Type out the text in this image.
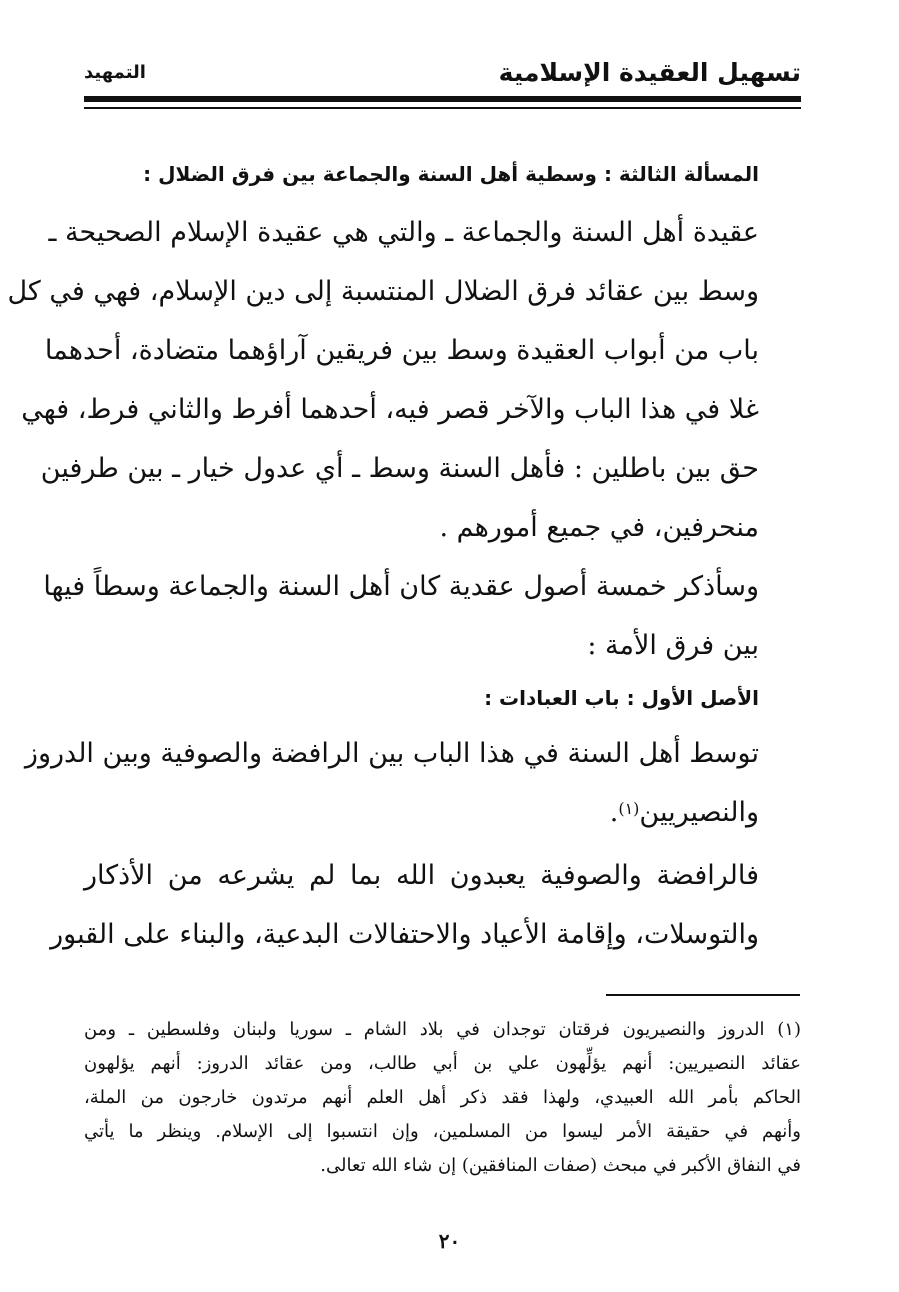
تسهيل العقيدة الإسلامية
التمهيد
المسألة الثالثة : وسطية أهل السنة والجماعة بين فرق الضلال :
عقيدة أهل السنة والجماعة ـ والتي هي عقيدة الإسلام الصحيحة ـ
وسط بين عقائد فرق الضلال المنتسبة إلى دين الإسلام، فهي في كل
باب من أبواب العقيدة وسط بين فريقين آراؤهما متضادة، أحدهما
غلا في هذا الباب والآخر قصر فيه، أحدهما أفرط والثاني فرط، فهي
حق بين باطلين : فأهل السنة وسط ـ أي عدول خيار ـ بين طرفين
منحرفين، في جميع أمورهم .
وسأذكر خمسة أصول عقدية كان أهل السنة والجماعة وسطاً فيها
بين فرق الأمة :
الأصل الأول : باب العبادات :
توسط أهل السنة في هذا الباب بين الرافضة والصوفية وبين الدروز
والنصيريين$^{(١)}$.
فالرافضة والصوفية يعبدون الله بما لم يشرعه من الأذكار
والتوسلات، وإقامة الأعياد والاحتفالات البدعية، والبناء على القبور
(١) الدروز والنصيريون فرقتان توجدان في بلاد الشام ـ سوريا ولبنان وفلسطين ـ ومن
عقائد النصيريين: أنهم يؤلِّهون علي بن أبي طالب، ومن عقائد الدروز: أنهم يؤلهون
الحاكم بأمر الله العبيدي، ولهذا فقد ذكر أهل العلم أنهم مرتدون خارجون من الملة،
وأنهم في حقيقة الأمر ليسوا من المسلمين، وإن انتسبوا إلى الإسلام. وينظر ما يأتي
في النفاق الأكبر في مبحث (صفات المنافقين) إن شاء الله تعالى.
٢٠
